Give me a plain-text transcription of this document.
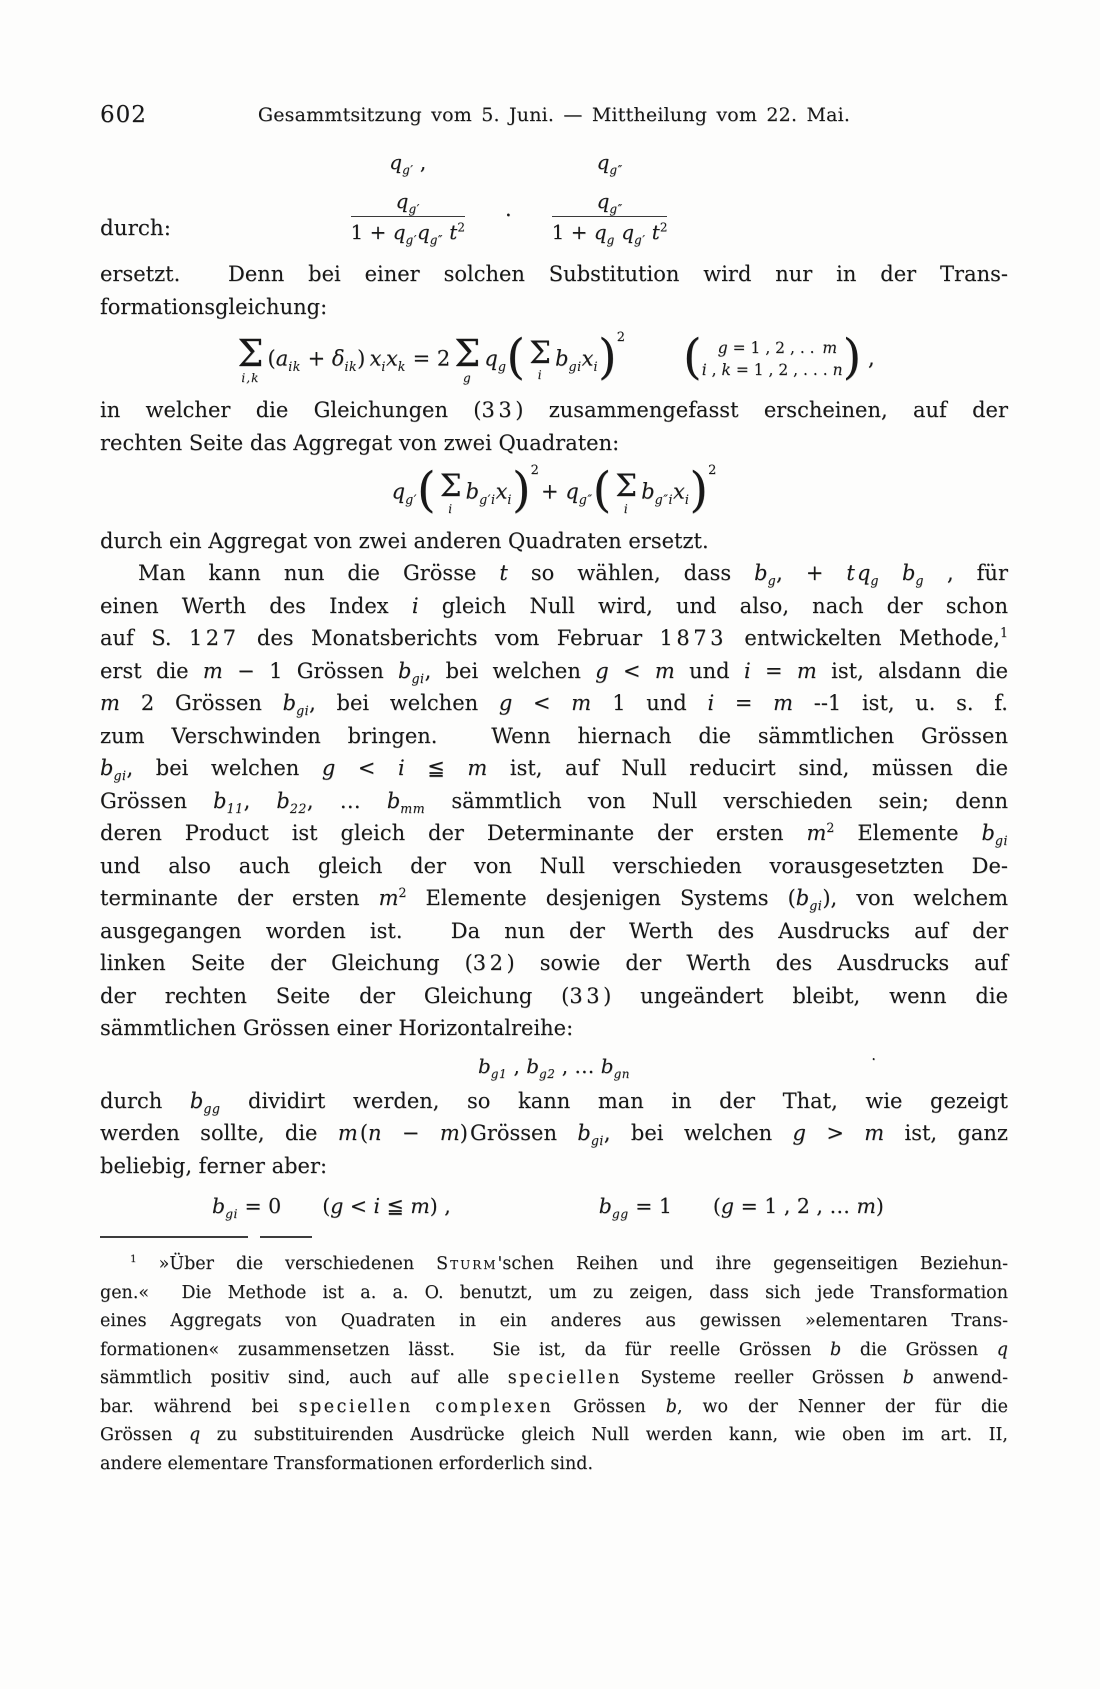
602	Gesammtsitzung vom 5. Juni. — Mittheilung vom 22. Mai.
durch:
$q_{g'}$ ,
$\frac{q_{g'}}{1 + q_{g'}q_{g''} t^2}$ .
$q_{g''}$
$\frac{q_{g''}}{1 + q_g q_{g'} t^2}$
ersetzt.  Denn bei einer solchen Substitution wird nur in der Trans-
formationsgleichung:
Σ
i,k
$(a_{ik} + \delta_{ik}) x_ix_k = 2$ Σ
g
$q_g$( Σ
i
$b_{gi}x_i)^2$ ( g = 1 , 2 , . . m
i , k = 1 , 2 , . . . n ) ,
in welcher die Gleichungen (33) zusammengefasst erscheinen, auf der
rechten Seite das Aggregat von zwei Quadraten:
$q_{g'}$( Σ
i
$b_{g'i}x_i)^2$ + $q_{g''}$( Σ
i
$b_{g''i}x_i)^2$
durch ein Aggregat von zwei anderen Quadraten ersetzt.
Man kann nun die Grösse t so wählen, dass $b_g$, + t $q_g$ $b_g$ , für
einen Werth des Index i gleich Null wird, und also, nach der schon
auf S. 127 des Monatsberichts vom Februar 1873 entwickelten Methode,$^1$
erst die m − 1 Grössen $b_{gi}$, bei welchen g < m und i = m ist, alsdann die
m 2 Grössen $b_{gi}$, bei welchen g < m 1 und i = m --1 ist, u. s. f.
zum Verschwinden bringen.  Wenn hiernach die sämmtlichen Grössen
$b_{gi}$, bei welchen g < i ≦ m ist, auf Null reducirt sind, müssen die
Grössen $b_{11}$, $b_{22}$, … $b_{mm}$ sämmtlich von Null verschieden sein; denn
deren Product ist gleich der Determinante der ersten $m^2$ Elemente $b_{gi}$
und also auch gleich der von Null verschieden vorausgesetzten De-
terminante der ersten $m^2$ Elemente desjenigen Systems $(b_{gi})$, von welchem
ausgegangen worden ist.  Da nun der Werth des Ausdrucks auf der
linken Seite der Gleichung (32) sowie der Werth des Ausdrucks auf
der rechten Seite der Gleichung (33) ungeändert bleibt, wenn die
sämmtlichen Grössen einer Horizontalreihe:
$b_{g1}$ , $b_{g2}$ , … $b_{gn}$
.
durch $b_{gg}$ dividirt werden, so kann man in der That, wie gezeigt
werden sollte, die m (n − m) Grössen $b_{gi}$, bei welchen g > m ist, ganz
beliebig, ferner aber:
$b_{gi} = 0$  (g < i ≦ m) ,	$b_{gg} = 1$  (g = 1 , 2 , … m)
$^1$ »Über die verschiedenen Sturm'schen Reihen und ihre gegenseitigen Beziehun-
gen.«  Die Methode ist a. a. O. benutzt, um zu zeigen, dass sich jede Transformation
eines Aggregats von Quadraten in ein anderes aus gewissen »elementaren Trans-
formationen« zusammensetzen lässt.  Sie ist, da für reelle Grössen b die Grössen q
sämmtlich positiv sind, auch auf alle speciellen Systeme reeller Grössen b anwend-
bar. während bei speciellen complexen Grössen b, wo der Nenner der für die
Grössen q zu substituirenden Ausdrücke gleich Null werden kann, wie oben im art. II,
andere elementare Transformationen erforderlich sind.
